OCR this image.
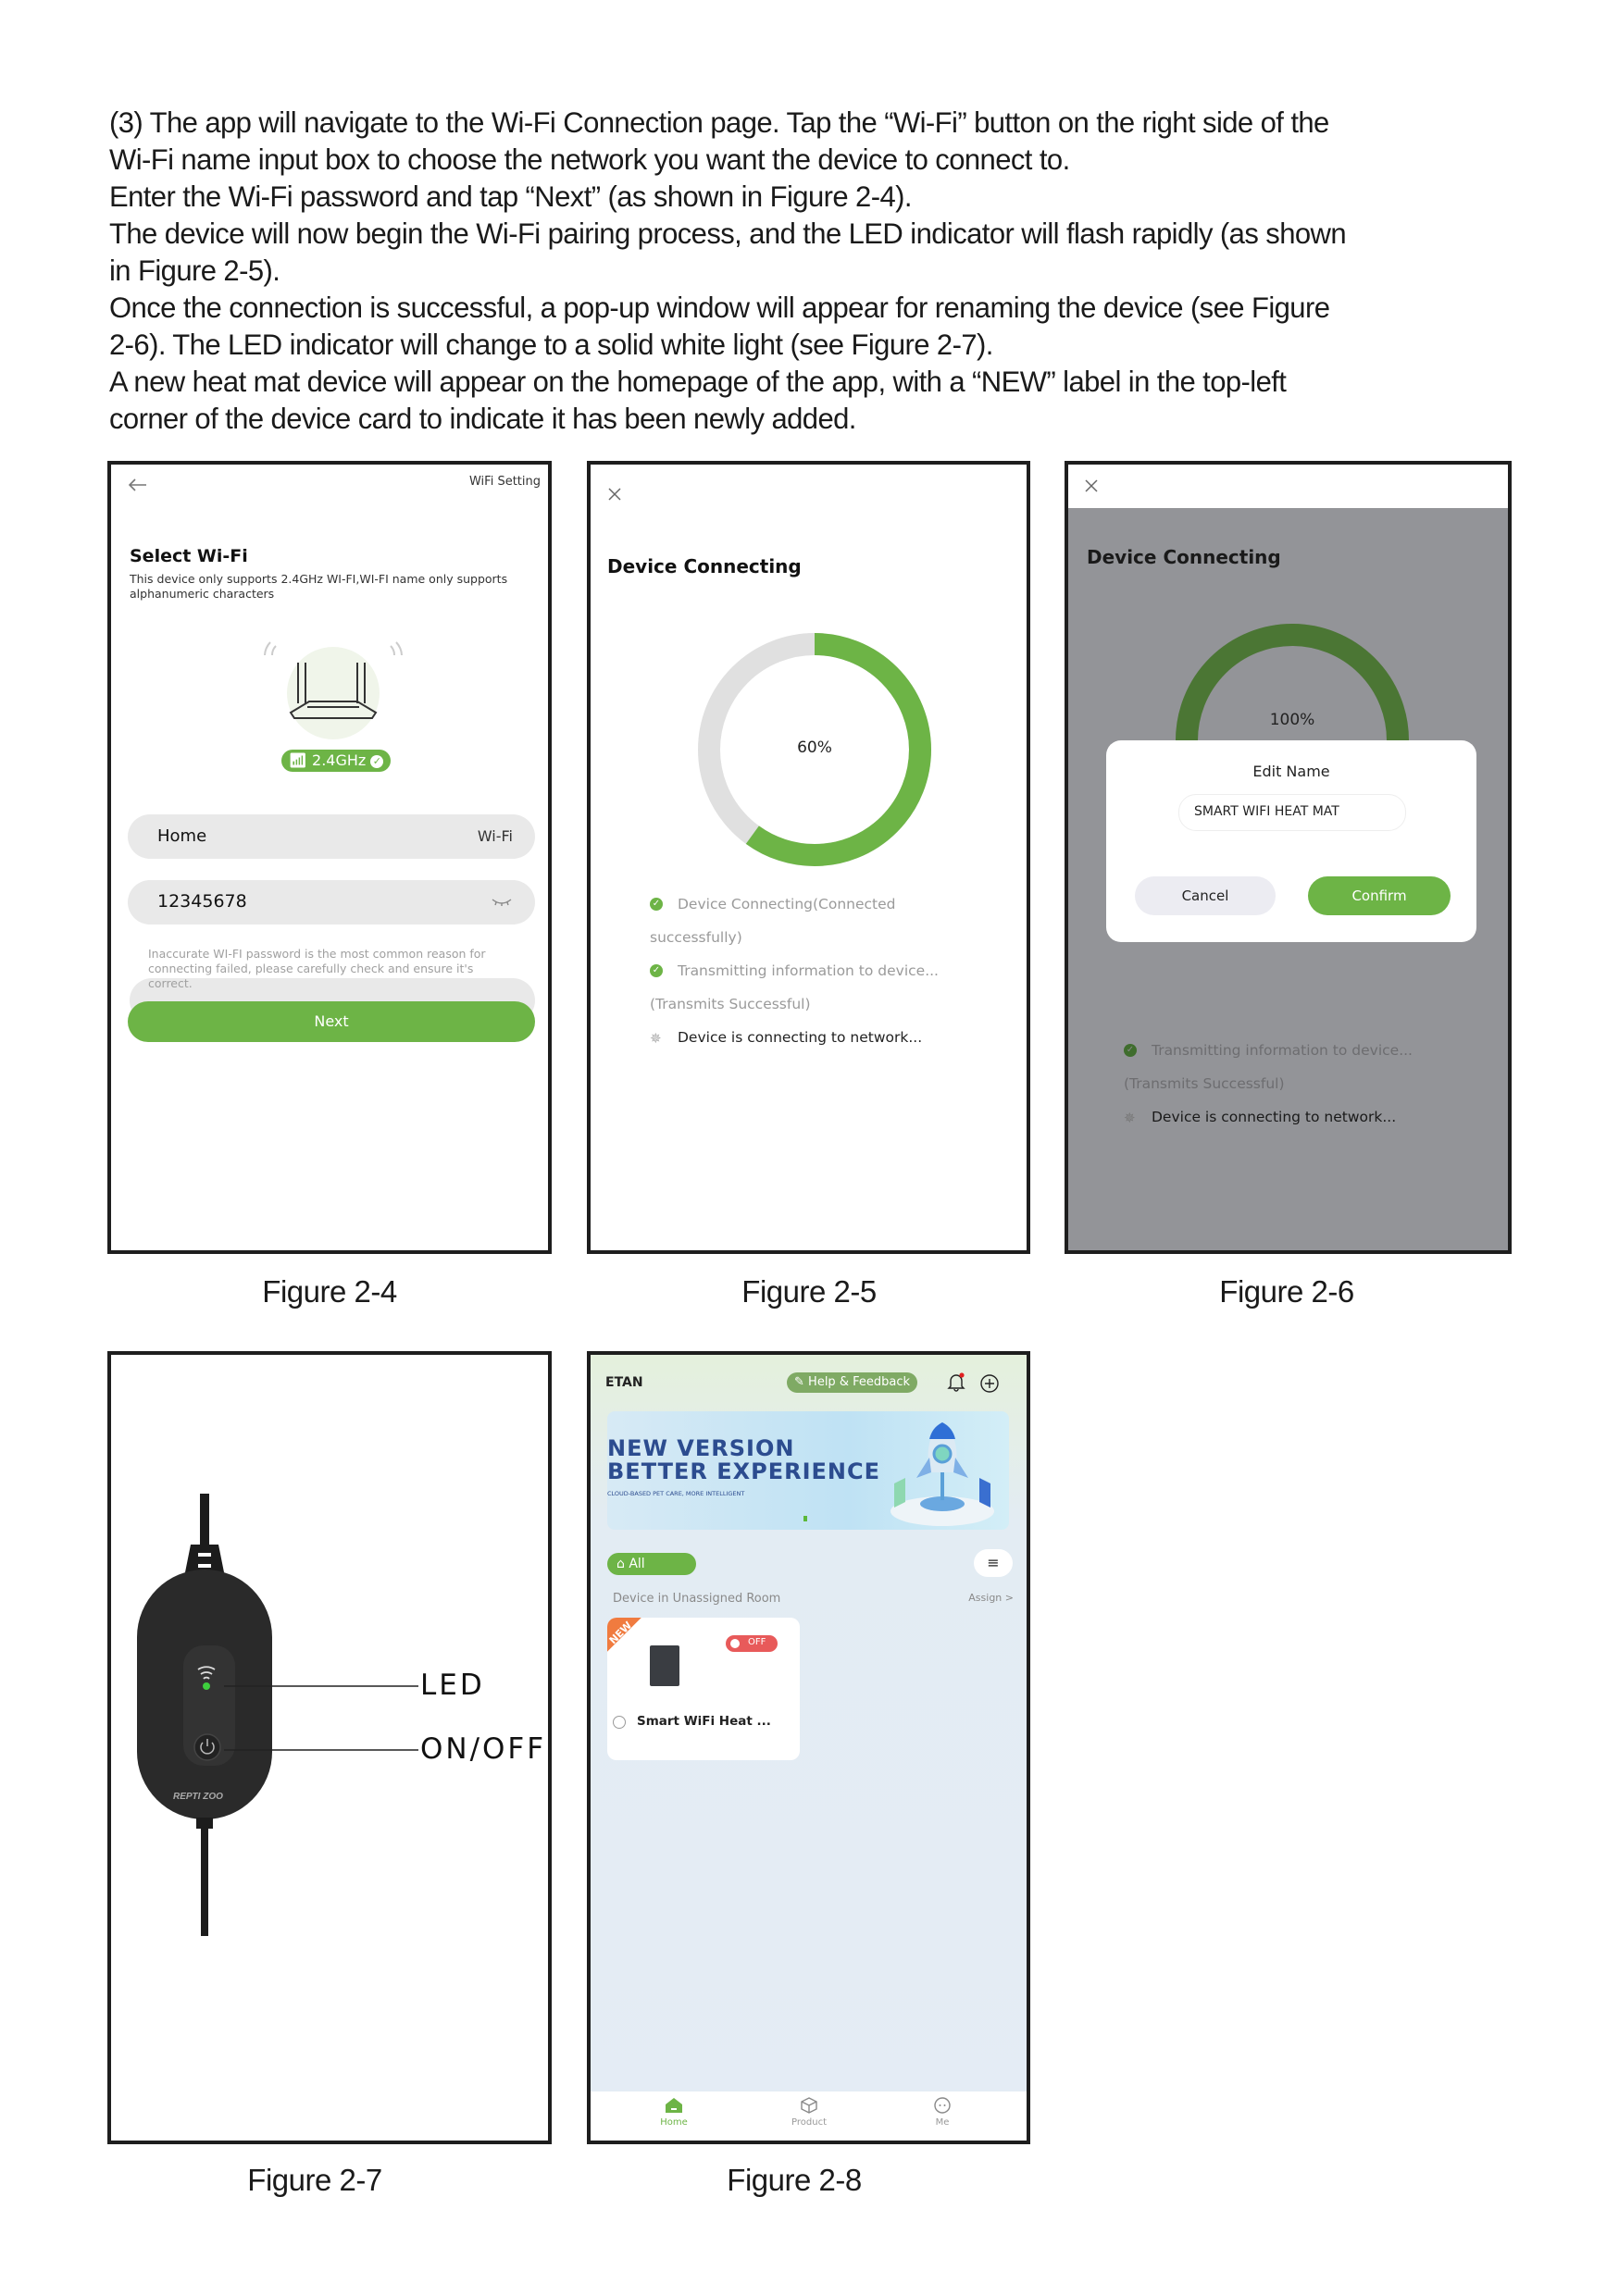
(3) The app will navigate to the Wi-Fi Connection page. Tap the “Wi-Fi” button on the right side of the

Wi-Fi name input box to choose the network you want the device to connect to.

Enter the Wi-Fi password and tap “Next” (as shown in Figure 2-4).

The device will now begin the Wi-Fi pairing process, and the LED indicator will flash rapidly (as shown

in Figure 2-5).

Once the connection is successful, a pop-up window will appear for renaming the device (see Figure

2-6). The LED indicator will change to a solid white light (see Figure 2-7).

A new heat mat device will appear on the homepage of the app, with a “NEW” label in the top-left

corner of the device card to indicate it has been newly added.

WiFi Setting
Select Wi-Fi
This device only supports 2.4GHz WI-FI,WI-FI name only supports alphanumeric characters
📶︎ 2.4GHz ✓
Home	Wi-Fi
12345678
Inaccurate WI-FI password is the most common reason for connecting failed, please carefully check and ensure it's correct.
Next
Figure 2-4
Device Connecting
60%
✓ Device Connecting(Connected
successfully)
✓ Transmitting information to device...
(Transmits Successful)
✵ Device is connecting to network...
Figure 2-5
Device Connecting
100%
✓ Transmitting information to device...
(Transmits Successful)
✵ Device is connecting to network...
Edit Name
SMART WIFI HEAT MAT
Cancel	Confirm
Figure 2-6
REPTI ZOO
LED
ON/OFF
Figure 2-7
ETAN	✎ Help & Feedback
NEW VERSION
BETTER EXPERIENCE
CLOUD-BASED PET CARE, MORE INTELLIGENT
⌂ All	≡
Device in Unassigned Room	Assign >
NEW	OFF
Smart WiFi Heat ...
Home	Product	Me
Figure 2-8
